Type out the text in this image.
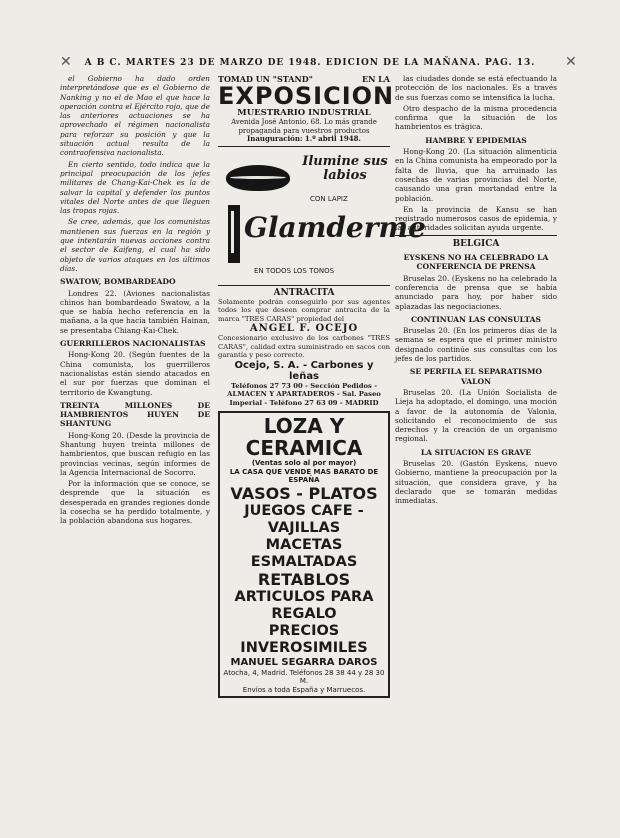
A B C. MARTES 23 DE MARZO DE 1948. EDICION DE LA MAÑANA. PAG. 13.

el Gobierno ha dado orden interpretándose que es el Gobierno de Nanking y no el de Mao el que hace la operación contra el Ejército rojo, que de las anteriores actuaciones se ha aprovechado el régimen nacionalista para reforzar su posición y que la situación actual resulta de la contraofensiva nacionalista.

En cierto sentido, todo indica que la principal preocupación de los jefes militares de Chang-Kai-Chek es la de salvar la capital y defender los puntos vitales del Norte antes de que lleguen las tropas rojas.

Se cree, además, que los comunistas mantienen sus fuerzas en la región y que intentarán nuevas acciones contra el sector de Kaifeng, el cual ha sido objeto de varios ataques en los últimos días.

SWATOW, BOMBARDEADO

Londres 22. (Aviones nacionalistas chinos han bombardeado Swatow, a la que se había hecho referencia en la mañana, a la que hacía también Hainan, se presentaba Chiang-Kai-Chek.

GUERRILLEROS NACIONALISTAS

Hong-Kong 20. (Según fuentes de la China comunista, los guerrilleros nacionalistas están siendo atacados en el sur por fuerzas que dominan el territorio de Kwangtung.

TREINTA MILLONES DE HAMBRIENTOS HUYEN DE SHANTUNG

Hong-Kong 20. (Desde la provincia de Shantung huyen treinta millones de hambrientos, que buscan refugio en las provincias vecinas, según informes de la Agencia Internacional de Socorro.

Por la información que se conoce, se desprende que la situación es desesperada en grandes regiones donde la cosecha se ha perdido totalmente, y la población abandona sus hogares.

TOMAD UN "STAND"	EN LA
EXPOSICION
MUESTRARIO INDUSTRIAL
Avenida José Antonio, 68. Lo más grande propaganda para vuestros productos
Inauguración: 1.º abril 1948.
Ilumine sus labios
CON LAPIZ
Glamderme
EN TODOS LOS TONOS
ANTRACITA
Solamente podrán conseguirlo por sus agentes todos los que deseen comprar antracita de la marca "TRES CARAS" propiedad del
ANGEL F. OCEJO
Concesionario exclusivo de los carbones "TRES CARAS", calidad extra suministrado en sacos con garantía y peso correcto.
Ocejo, S. A. - Carbones y leñas
Teléfonos 27 73 00 - Sección Pedidos - ALMACEN Y APARTADEROS - Sal. Paseo Imperial - Teléfono 27 63 09 - MADRID
LOZA Y CERAMICA
(Ventas solo al por mayor)
LA CASA QUE VENDE MAS BARATO DE ESPAÑA
VASOS - PLATOS
JUEGOS CAFE - VAJILLAS
MACETAS ESMALTADAS
RETABLOS
ARTICULOS PARA REGALO
PRECIOS INVEROSIMILES
MANUEL SEGARRA DAROS
Atocha, 4, Madrid. Teléfonos 28 38 44 y 28 30 M.
Envíos a toda España y Marruecos.

las ciudades donde se está efectuando la protección de los nacionales. Es a través de sus fuerzas como se intensifica la lucha.

Otro despacho de la misma procedencia confirma que la situación de los hambrientos es trágica.

HAMBRE Y EPIDEMIAS

Hong-Kong 20. (La situación alimenticia en la China comunista ha empeorado por la falta de lluvia, que ha arruinado las cosechas de varias provincias del Norte, causando una gran mortandad entre la población.

En la provincia de Kansu se han registrado numerosos casos de epidemia, y las autoridades solicitan ayuda urgente.

BELGICA

EYSKENS NO HA CELEBRADO LA CONFERENCIA DE PRENSA

Bruselas 20. (Eyskens no ha celebrado la conferencia de prensa que se había anunciado para hoy, por haber sido aplazadas las negociaciones.

CONTINUAN LAS CONSULTAS

Bruselas 20. (En los primeros días de la semana se espera que el primer ministro designado continúe sus consultas con los jefes de los partidos.

SE PERFILA EL SEPARATISMO VALON

Bruselas 20. (La Unión Socialista de Lieja ha adoptado, el domingo, una moción a favor de la autonomía de Valonia, solicitando el reconocimiento de sus derechos y la creación de un organismo regional.

LA SITUACION ES GRAVE

Bruselas 20. (Gastón Eyskens, nuevo Gobierno, mantiene la preocupación por la situación, que considera grave, y ha declarado que se tomarán medidas inmediatas.

✕	✕
